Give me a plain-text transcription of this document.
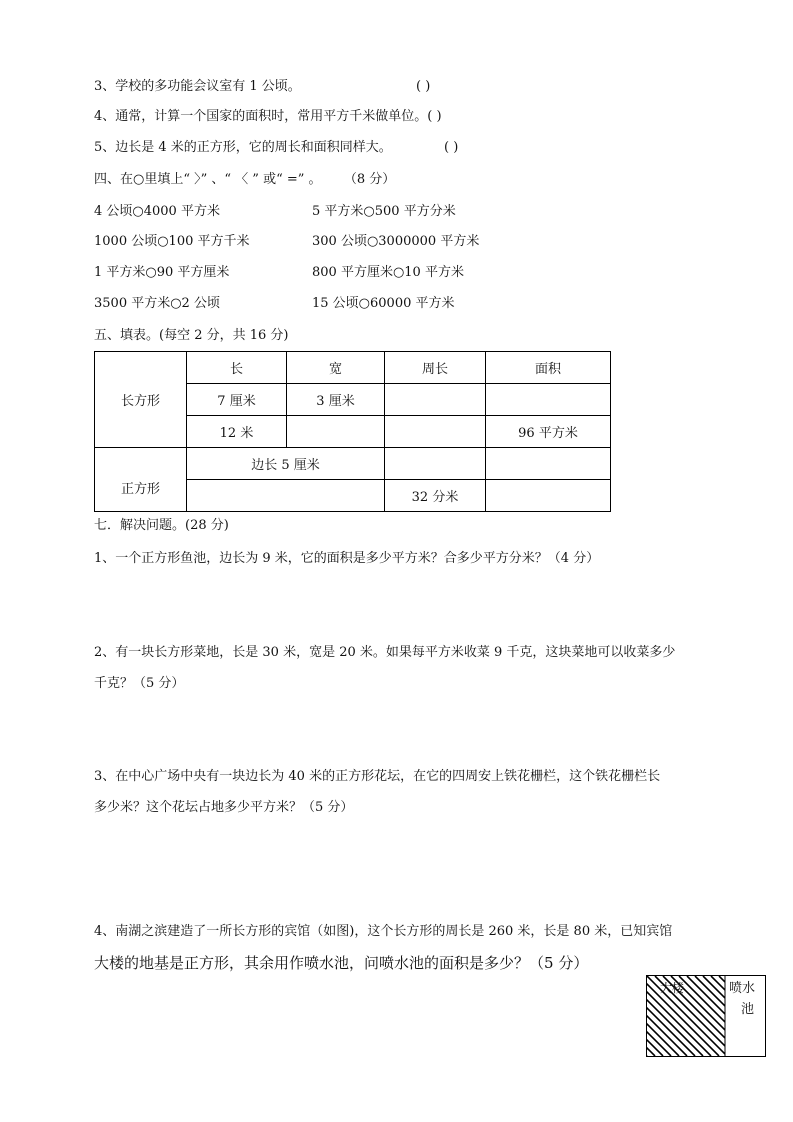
3、学校的多功能会议室有 1 公顷。	( )
4、通常，计算一个国家的面积时，常用平方千米做单位。( )
5、边长是 4 米的正方形，它的周长和面积同样大。	( )
四、在○里填上“ 〉” 、“ 〈 ” 或“ =” 。 （8 分）
4 公顷○4000 平方米	5 平方米○500 平方分米
1000 公顷○100 平方千米	300 公顷○3000000 平方米
1 平方米○90 平方厘米	800 平方厘米○10 平方米
3500 平方米○2 公顷	15 公顷○60000 平方米
五、填表。(每空 2 分，共 16 分)
	长	宽	周长	面积
长方形	7 厘米	3 厘米		
	12 米			96 平方米
正方形	边长 5 厘米			
			32 分米	
七．解决问题。(28 分)
1、一个正方形鱼池，边长为 9 米，它的面积是多少平方米？合多少平方分米？（4 分）
2、有一块长方形菜地，长是 30 米，宽是 20 米。如果每平方米收菜 9 千克，这块菜地可以收菜多少
千克？（5 分）
3、在中心广场中央有一块边长为 40 米的正方形花坛，在它的四周安上铁花栅栏，这个铁花栅栏长
多少米？这个花坛占地多少平方米？（5 分）
4、南湖之滨建造了一所长方形的宾馆（如图)，这个长方形的周长是 260 米，长是 80 米，已知宾馆
大楼的地基是正方形，其余用作喷水池，问喷水池的面积是多少？（5 分）
大楼	喷水
池
